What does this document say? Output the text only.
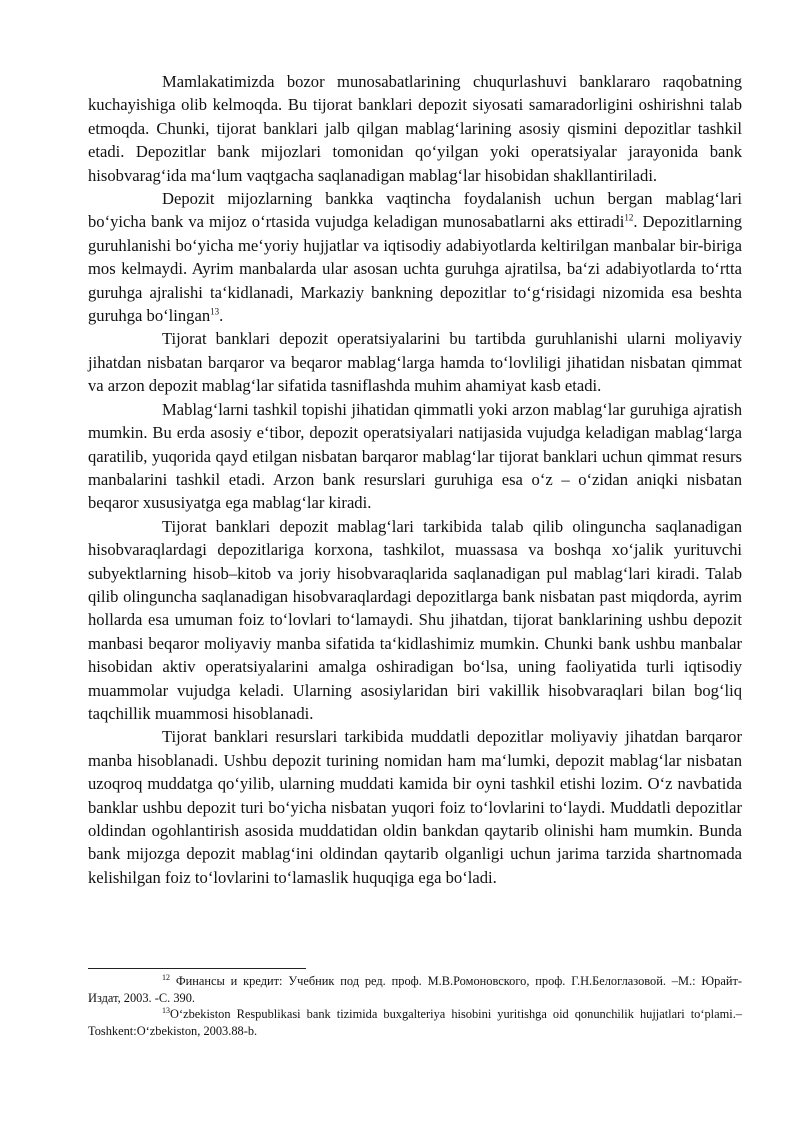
Mamlakatimizda bozor munosabatlarining chuqurlashuvi banklararo raqobatning kuchayishiga olib kelmoqda. Bu tijorat banklari depozit siyosati samaradorligini oshirishni talab etmoqda. Chunki, tijorat banklari jalb qilgan mablag‘larining asosiy qismini depozitlar tashkil etadi. Depozitlar bank mijozlari tomonidan qo‘yilgan yoki operatsiyalar jarayonida bank hisobvarag‘ida ma‘lum vaqtgacha saqlanadigan mablag‘lar hisobidan shakllantiriladi.

Depozit mijozlarning bankka vaqtincha foydalanish uchun bergan mablag‘lari bo‘yicha bank va mijoz o‘rtasida vujudga keladigan munosabatlarni aks ettiradi$^{12}$. Depozitlarning guruhlanishi bo‘yicha me‘yoriy hujjatlar va iqtisodiy adabiyotlarda keltirilgan manbalar bir-biriga mos kelmaydi. Ayrim manbalarda ular asosan uchta guruhga ajratilsa, ba‘zi adabiyotlarda to‘rtta guruhga ajralishi ta‘kidlanadi, Markaziy bankning depozitlar to‘g‘risidagi nizomida esa beshta guruhga bo‘lingan$^{13}$.

Tijorat banklari depozit operatsiyalarini bu tartibda guruhlanishi ularni moliyaviy jihatdan nisbatan barqaror va beqaror mablag‘larga hamda to‘lovliligi jihatidan nisbatan qimmat va arzon depozit mablag‘lar sifatida tasniflashda muhim ahamiyat kasb etadi.

Mablag‘larni tashkil topishi jihatidan qimmatli yoki arzon mablag‘lar guruhiga ajratish mumkin. Bu erda asosiy e‘tibor, depozit operatsiyalari natijasida vujudga keladigan mablag‘larga qaratilib, yuqorida qayd etilgan nisbatan barqaror mablag‘lar tijorat banklari uchun qimmat resurs manbalarini tashkil etadi. Arzon bank resurslari guruhiga esa o‘z – o‘zidan aniqki nisbatan beqaror xususiyatga ega mablag‘lar kiradi.

Tijorat banklari depozit mablag‘lari tarkibida talab qilib olinguncha saqlanadigan hisobvaraqlardagi depozitlariga korxona, tashkilot, muassasa va boshqa xo‘jalik yurituvchi subyektlarning hisob–kitob va joriy hisobvaraqlarida saqlanadigan pul mablag‘lari kiradi. Talab qilib olinguncha saqlanadigan hisobvaraqlardagi depozitlarga bank nisbatan past miqdorda, ayrim hollarda esa umuman foiz to‘lovlari to‘lamaydi. Shu jihatdan, tijorat banklarining ushbu depozit manbasi beqaror moliyaviy manba sifatida ta‘kidlashimiz mumkin. Chunki bank ushbu manbalar hisobidan aktiv operatsiyalarini amalga oshiradigan bo‘lsa, uning faoliyatida turli iqtisodiy muammolar vujudga keladi. Ularning asosiylaridan biri vakillik hisobvaraqlari bilan bog‘liq taqchillik muammosi hisoblanadi.

Tijorat banklari resurslari tarkibida muddatli depozitlar moliyaviy jihatdan barqaror manba hisoblanadi. Ushbu depozit turining nomidan ham ma‘lumki, depozit mablag‘lar nisbatan uzoqroq muddatga qo‘yilib, ularning muddati kamida bir oyni tashkil etishi lozim. O‘z navbatida banklar ushbu depozit turi bo‘yicha nisbatan yuqori foiz to‘lovlarini to‘laydi. Muddatli depozitlar oldindan ogohlantirish asosida muddatidan oldin bankdan qaytarib olinishi ham mumkin. Bunda bank mijozga depozit mablag‘ini oldindan qaytarib olganligi uchun jarima tarzida shartnomada kelishilgan foiz to‘lovlarini to‘lamaslik huquqiga ega bo‘ladi.

$^{12}$ Финансы и кредит: Учебник под ред. проф. М.В.Ромоновского, проф. Г.Н.Белоглазовой. –М.: Юрайт- Издат, 2003. -С. 390.

$^{13}$O‘zbekiston Respublikasi bank tizimida buxgalteriya hisobini yuritishga oid qonunchilik hujjatlari to‘plami.– Toshkent:O‘zbekiston, 2003.88-b.
